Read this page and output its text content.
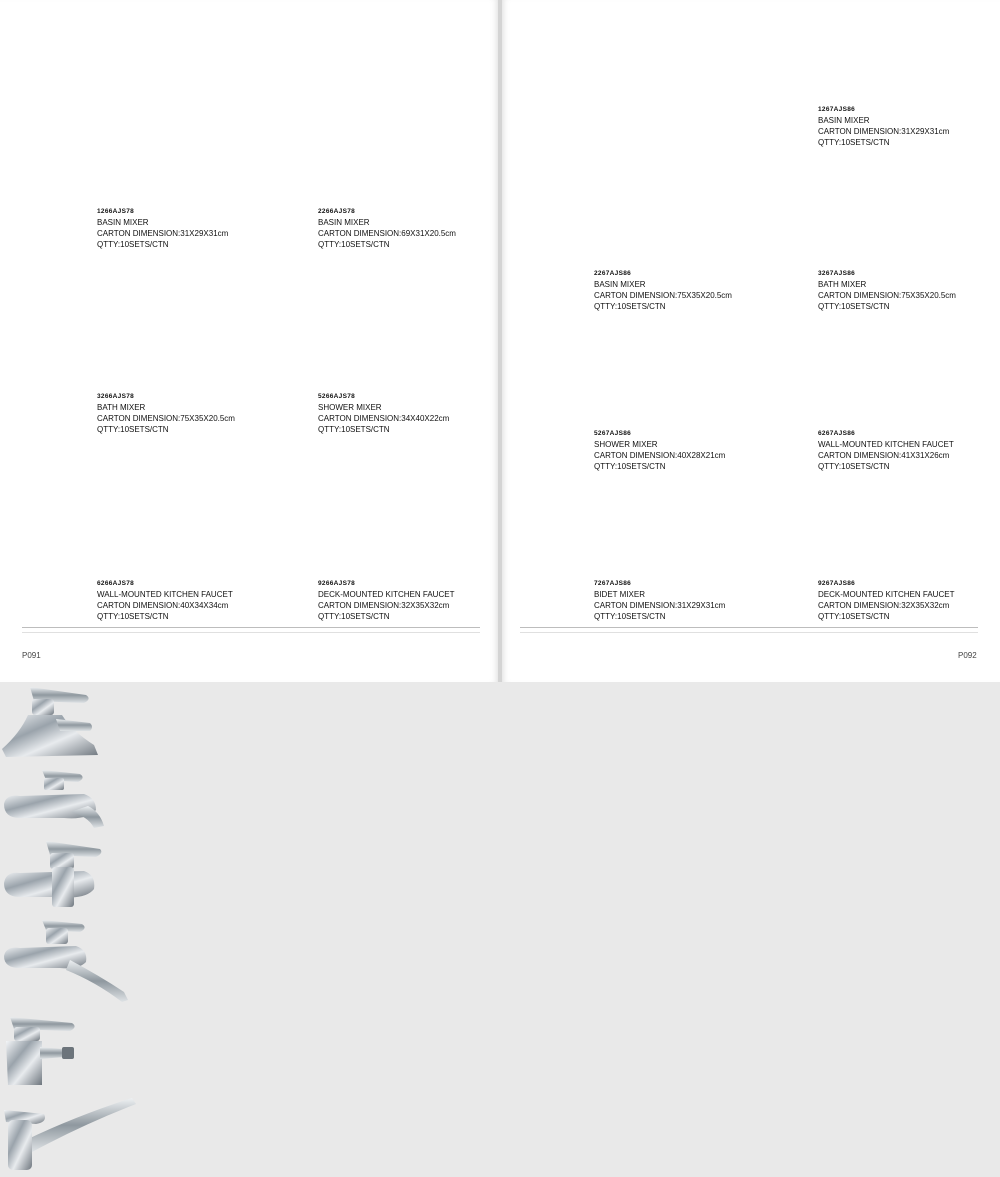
1266AJS78
BASIN MIXER
CARTON DIMENSION:31X29X31cm
QTTY:10SETS/CTN
2266AJS78
BASIN MIXER
CARTON DIMENSION:69X31X20.5cm
QTTY:10SETS/CTN
3266AJS78
BATH MIXER
CARTON DIMENSION:75X35X20.5cm
QTTY:10SETS/CTN
5266AJS78
SHOWER MIXER
CARTON DIMENSION:34X40X22cm
QTTY:10SETS/CTN
6266AJS78
WALL-MOUNTED KITCHEN FAUCET
CARTON DIMENSION:40X34X34cm
QTTY:10SETS/CTN
9266AJS78
DECK-MOUNTED KITCHEN FAUCET
CARTON DIMENSION:32X35X32cm
QTTY:10SETS/CTN
P091
1267AJS86
BASIN MIXER
CARTON DIMENSION:31X29X31cm
QTTY:10SETS/CTN
2267AJS86
BASIN MIXER
CARTON DIMENSION:75X35X20.5cm
QTTY:10SETS/CTN
3267AJS86
BATH MIXER
CARTON DIMENSION:75X35X20.5cm
QTTY:10SETS/CTN
5267AJS86
SHOWER MIXER
CARTON DIMENSION:40X28X21cm
QTTY:10SETS/CTN
6267AJS86
WALL-MOUNTED KITCHEN FAUCET
CARTON DIMENSION:41X31X26cm
QTTY:10SETS/CTN
7267AJS86
BIDET MIXER
CARTON DIMENSION:31X29X31cm
QTTY:10SETS/CTN
9267AJS86
DECK-MOUNTED KITCHEN FAUCET
CARTON DIMENSION:32X35X32cm
QTTY:10SETS/CTN
P092
